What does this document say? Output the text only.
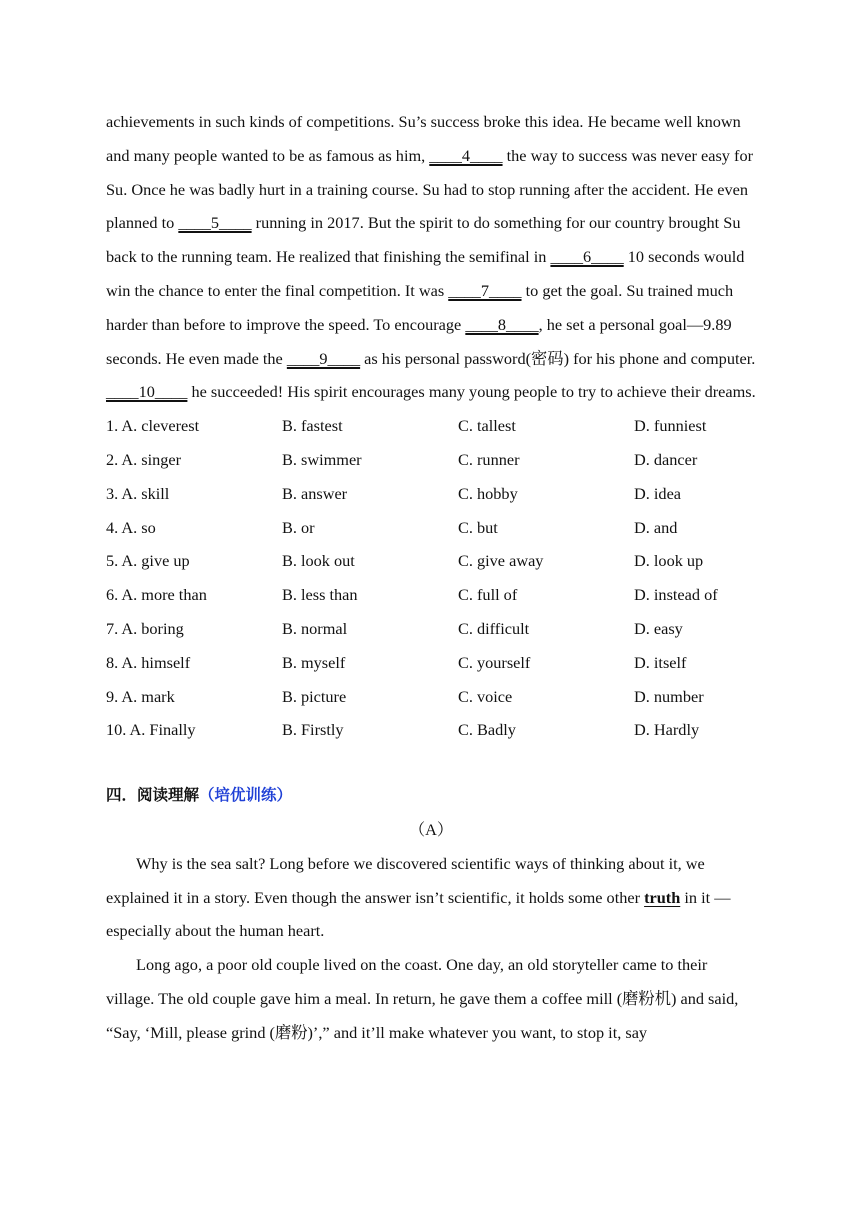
achievements in such kinds of competitions. Su’s success broke this idea. He became well known and many people wanted to be as famous as him, ____4____ the way to success was never easy for Su. Once he was badly hurt in a training course. Su had to stop running after the accident. He even planned to ____5____ running in 2017. But the spirit to do something for our country brought Su back to the running team. He realized that finishing the semifinal in ____6____ 10 seconds would win the chance to enter the final competition. It was ____7____ to get the goal. Su trained much harder than before to improve the speed. To encourage ____8____, he set a personal goal—9.89 seconds. He even made the ____9____ as his personal password(密码) for his phone and computer. ____10____ he succeeded! His spirit encourages many young people to try to achieve their dreams.

1. A. cleverest	B. fastest	C. tallest	D. funniest
2. A. singer	B. swimmer	C. runner	D. dancer
3. A. skill	B. answer	C. hobby	D. idea
4. A. so	B. or	C. but	D. and
5. A. give up	B. look out	C. give away	D. look up
6. A. more than	B. less than	C. full of	D. instead of
7. A. boring	B. normal	C. difficult	D. easy
8. A. himself	B. myself	C. yourself	D. itself
9. A. mark	B. picture	C. voice	D. number
10. A. Finally	B. Firstly	C. Badly	D. Hardly
四．阅读理解（培优训练）

（A）

Why is the sea salt? Long before we discovered scientific ways of thinking about it, we explained it in a story. Even though the answer isn’t scientific, it holds some other truth in it — especially about the human heart.

Long ago, a poor old couple lived on the coast. One day, an old storyteller came to their village. The old couple gave him a meal. In return, he gave them a coffee mill (磨粉机) and said, “Say, ‘Mill, please grind (磨粉)’,” and it’ll make whatever you want, to stop it, say
